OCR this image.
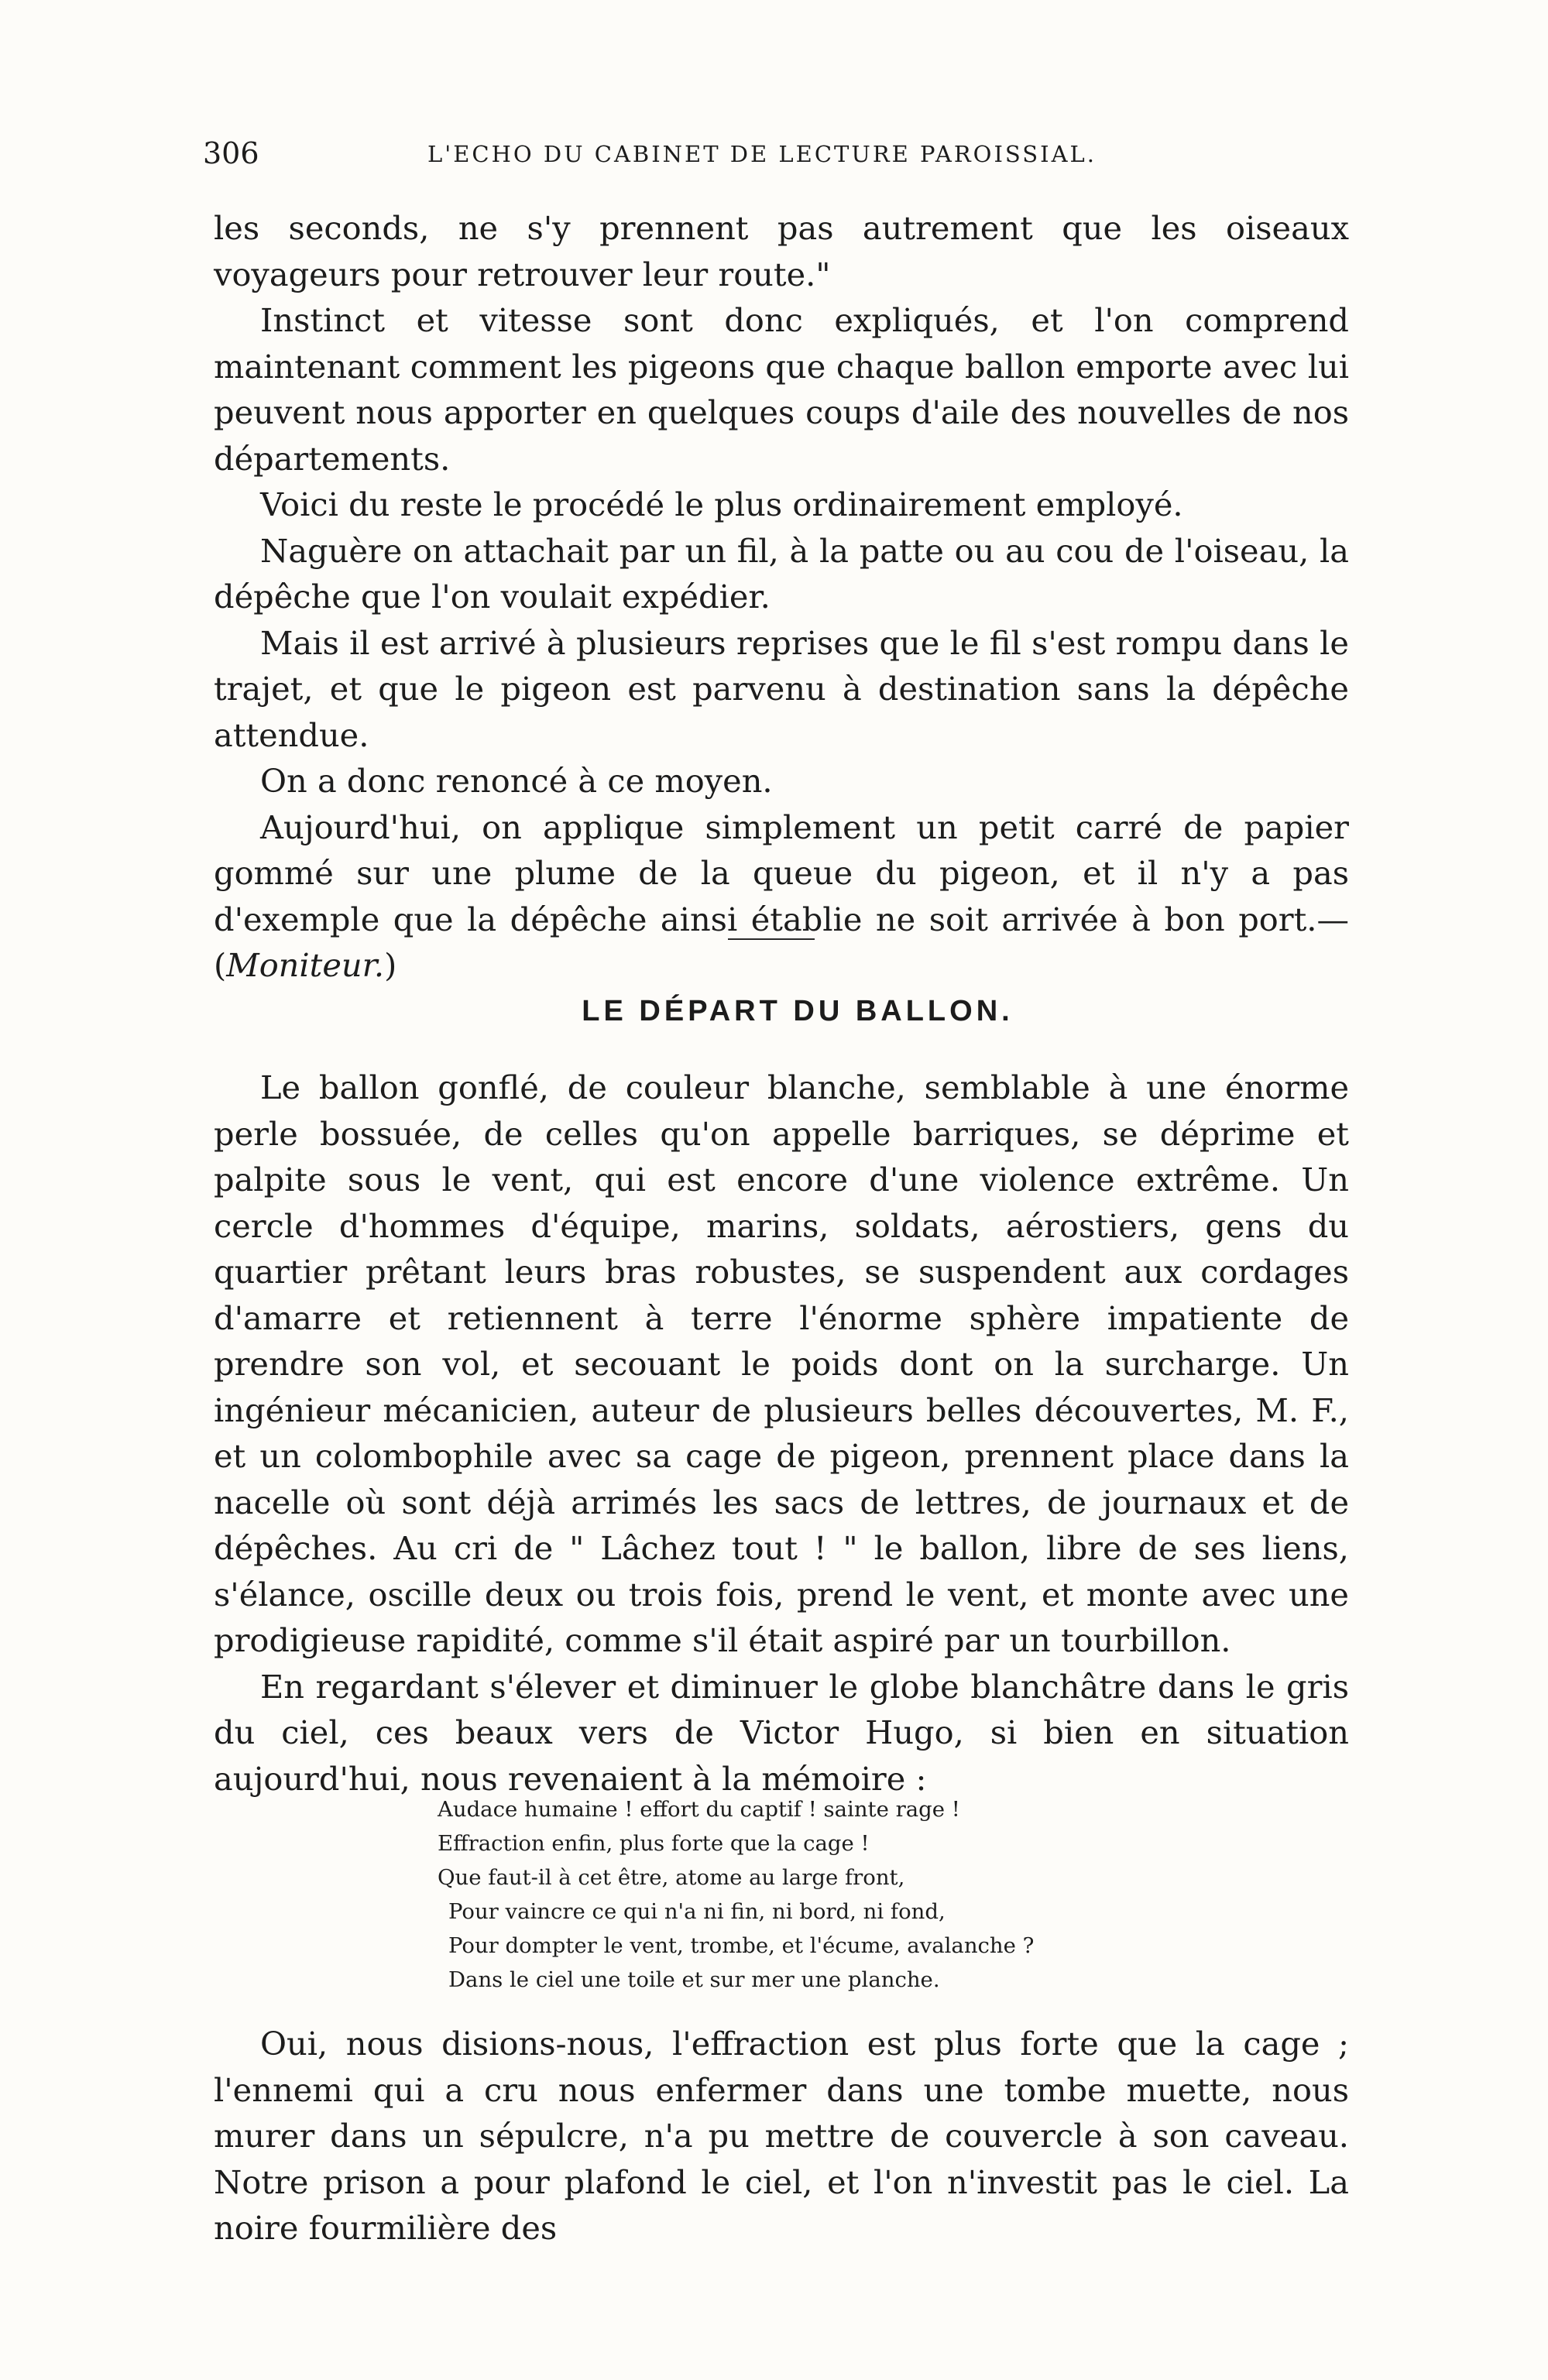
306	L'ECHO DU CABINET DE LECTURE PAROISSIAL.

les seconds, ne s'y prennent pas autrement que les oiseaux voyageurs pour retrouver leur route."

Instinct et vitesse sont donc expliqués, et l'on comprend maintenant comment les pigeons que chaque ballon emporte avec lui peuvent nous apporter en quelques coups d'aile des nouvelles de nos départements.

Voici du reste le procédé le plus ordinairement employé.

Naguère on attachait par un fil, à la patte ou au cou de l'oiseau, la dépêche que l'on voulait expédier.

Mais il est arrivé à plusieurs reprises que le fil s'est rompu dans le trajet, et que le pigeon est parvenu à destination sans la dépêche attendue.

On a donc renoncé à ce moyen.

Aujourd'hui, on applique simplement un petit carré de papier gommé sur une plume de la queue du pigeon, et il n'y a pas d'exemple que la dépêche ainsi établie ne soit arrivée à bon port.—(Moniteur.)

LE DÉPART DU BALLON.

Le ballon gonflé, de couleur blanche, semblable à une énorme perle bossuée, de celles qu'on appelle barriques, se déprime et palpite sous le vent, qui est encore d'une violence extrême. Un cercle d'hommes d'équipe, marins, soldats, aérostiers, gens du quartier prêtant leurs bras robustes, se suspendent aux cordages d'amarre et retiennent à terre l'énorme sphère impatiente de prendre son vol, et secouant le poids dont on la surcharge. Un ingénieur mécanicien, auteur de plusieurs belles découvertes, M. F., et un colombophile avec sa cage de pigeon, prennent place dans la nacelle où sont déjà arrimés les sacs de lettres, de journaux et de dépêches. Au cri de " Lâchez tout ! " le ballon, libre de ses liens, s'élance, oscille deux ou trois fois, prend le vent, et monte avec une prodigieuse rapidité, comme s'il était aspiré par un tourbillon.

En regardant s'élever et diminuer le globe blanchâtre dans le gris du ciel, ces beaux vers de Victor Hugo, si bien en situation aujourd'hui, nous revenaient à la mémoire :

Audace humaine ! effort du captif ! sainte rage !
Effraction enfin, plus forte que la cage !
Que faut-il à cet être, atome au large front,
Pour vaincre ce qui n'a ni fin, ni bord, ni fond,
Pour dompter le vent, trombe, et l'écume, avalanche ?
Dans le ciel une toile et sur mer une planche.

Oui, nous disions-nous, l'effraction est plus forte que la cage ; l'ennemi qui a cru nous enfermer dans une tombe muette, nous murer dans un sépulcre, n'a pu mettre de couvercle à son caveau. Notre prison a pour plafond le ciel, et l'on n'investit pas le ciel. La noire fourmilière des
